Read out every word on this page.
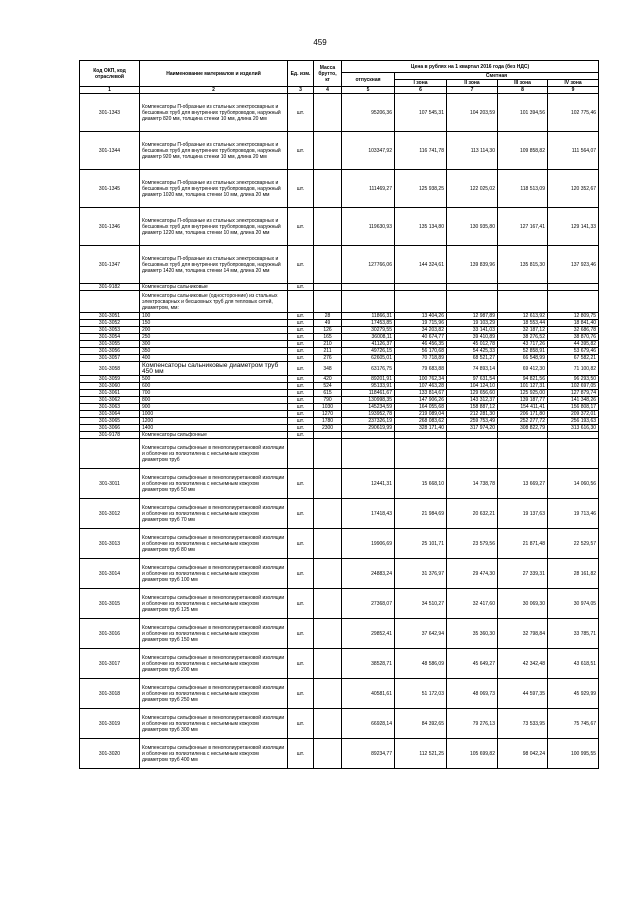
459
Код ОКП, код отраслевой	Наименование материалов и изделий	Ед. изм.	Масса брутто, кг	Цена в рублях на 1 квартал 2016 года (без НДС)				
				отпускная	Сметная			
					I зона	II зона	III зона	IV зона
1	2	3	4	5	6	7	8	9
301-1343	Компенсаторы П-образные из стальных электросварных и бесшовных труб для внутренних трубопроводов, наружный диаметр 820 мм, толщина стенки 10 мм, длина 20 мм	шт.		95206,36	107 545,31	104 203,59	101 394,56	102 775,46
301-1344	Компенсаторы П-образные из стальных электросварных и бесшовных труб для внутренних трубопроводов, наружный диаметр 920 мм, толщина стенки 10 мм, длина 20 мм	шт.		103347,92	116 741,78	113 114,30	109 858,82	111 564,07
301-1345	Компенсаторы П-образные из стальных электросварных и бесшовных труб для внутренних трубопроводов, наружный диаметр 1020 мм, толщина стенки 10 мм, длина 20 мм	шт.		111469,27	125 938,25	122 025,02	118 513,09	120 352,67
301-1346	Компенсаторы П-образные из стальных электросварных и бесшовных труб для внутренних трубопроводов, наружный диаметр 1220 мм, толщина стенки 10 мм, длина 20 мм	шт.		119630,93	135 134,80	130 935,80	127 167,41	129 141,33
301-1347	Компенсаторы П-образные из стальных электросварных и бесшовных труб для внутренних трубопроводов, наружный диаметр 1420 мм, толщина стенки 14 мм, длина 20 мм	шт.		127766,06	144 324,61	139 839,96	135 815,30	137 923,46
301-9182	Компенсаторы сальниковые	шт.						
	Компенсаторы сальниковые (односторонние) из стальных электросварных и бесшовных труб для тепловых сетей, диаметром, мм:							
301-3051	100	шт.	28	11866,31	13 404,26	12 987,89	12 613,92	12 809,75
301-3052	150	шт.	49	17453,85	19 715,96	19 103,29	18 553,44	18 841,40
301-3053	200	шт.	126	30279,55	34 203,82	33 141,03	32 187,12	32 686,78
301-3054	250	шт.	165	36008,11	40 674,77	39 410,89	38 276,52	38 870,76
301-3055	300	шт.	210	41126,37	46 456,35	45 012,78	43 717,26	44 395,82
301-3056	350	шт.	211	49726,15	56 170,68	54 425,33	52 858,91	53 679,46
301-3057	400	шт.	276	62605,01	70 718,89	68 521,27	66 548,99	67 582,21
301-3058	Компенсаторы сальниковые диаметром труб 450 мм	шт.	348	63176,75	79 683,88	74 893,14	69 412,30	71 100,82
301-3059	500	шт.	420	89201,91	100 762,34	97 631,54	94 821,56	96 293,50
301-3060	600	шт.	524	95133,91	107 463,28	104 124,10	101 127,31	102 697,05
301-3061	700	шт.	615	118461,67	133 814,67	129 656,60	125 925,00	127 879,74
301-3062	800	шт.	790	130998,35	147 906,26	143 312,37	139 187,77	141 348,26
301-3063	900	шт.	1030	145234,59	164 055,68	158 887,12	154 411,41	156 808,17
301-3064	1000	шт.	1270	193952,78	219 089,04	212 281,30	206 171,80	209 372,01
301-3065	1200	шт.	1780	237326,19	268 083,62	259 753,49	252 277,72	256 193,63
301-3066	1400	шт.	2300	290619,99	328 171,40	317 974,20	308 822,79	313 616,30
301-9178	Компенсаторы сильфонные	шт.						
	Компенсаторы сильфонные в пенополиуретановой изоляции и оболочке из полиэтилена с несъемным кожухом диаметром труб							
301-3011	Компенсаторы сильфонные в пенополиуретановой изоляции и оболочке из полиэтилена с несъемным кожухом диаметром труб 50 мм	шт.		12441,31	15 668,10	14 738,78	13 669,27	14 060,56
301-3012	Компенсаторы сильфонные в пенополиуретановой изоляции и оболочке из полиэтилена с несъемным кожухом диаметром труб 70 мм	шт.		17418,43	21 984,69	20 632,21	19 137,63	19 713,46
301-3013	Компенсаторы сильфонные в пенополиуретановой изоляции и оболочке из полиэтилена с несъемным кожухом диаметром труб 80 мм	шт.		19906,69	25 101,71	23 579,56	21 871,48	22 529,57
301-3014	Компенсаторы сильфонные в пенополиуретановой изоляции и оболочке из полиэтилена с несъемным кожухом диаметром труб 100 мм	шт.		24883,24	31 376,97	29 474,30	27 339,31	28 161,82
301-3015	Компенсаторы сильфонные в пенополиуретановой изоляции и оболочке из полиэтилена с несъемным кожухом диаметром труб 125 мм	шт.		27368,07	34 510,27	32 417,60	30 069,30	30 974,05
301-3016	Компенсаторы сильфонные в пенополиуретановой изоляции и оболочке из полиэтилена с несъемным кожухом диаметром труб 150 мм	шт.		29852,41	37 642,94	35 360,30	32 798,84	33 785,71
301-3017	Компенсаторы сильфонные в пенополиуретановой изоляции и оболочке из полиэтилена с несъемным кожухом диаметром труб 200 мм	шт.		38528,71	48 586,09	45 649,27	42 342,48	43 618,51
301-3018	Компенсаторы сильфонные в пенополиуретановой изоляции и оболочке из полиэтилена с несъемным кожухом диаметром труб 250 мм	шт.		40581,61	51 172,03	48 069,73	44 597,35	45 929,99
301-3019	Компенсаторы сильфонные в пенополиуретановой изоляции и оболочке из полиэтилена с несъемным кожухом диаметром труб 300 мм	шт.		66928,14	84 392,65	79 276,13	73 533,95	75 745,67
301-3020	Компенсаторы сильфонные в пенополиуретановой изоляции и оболочке из полиэтилена с несъемным кожухом диаметром труб 400 мм	шт.		89234,77	112 521,25	105 699,82	98 042,24	100 995,55
